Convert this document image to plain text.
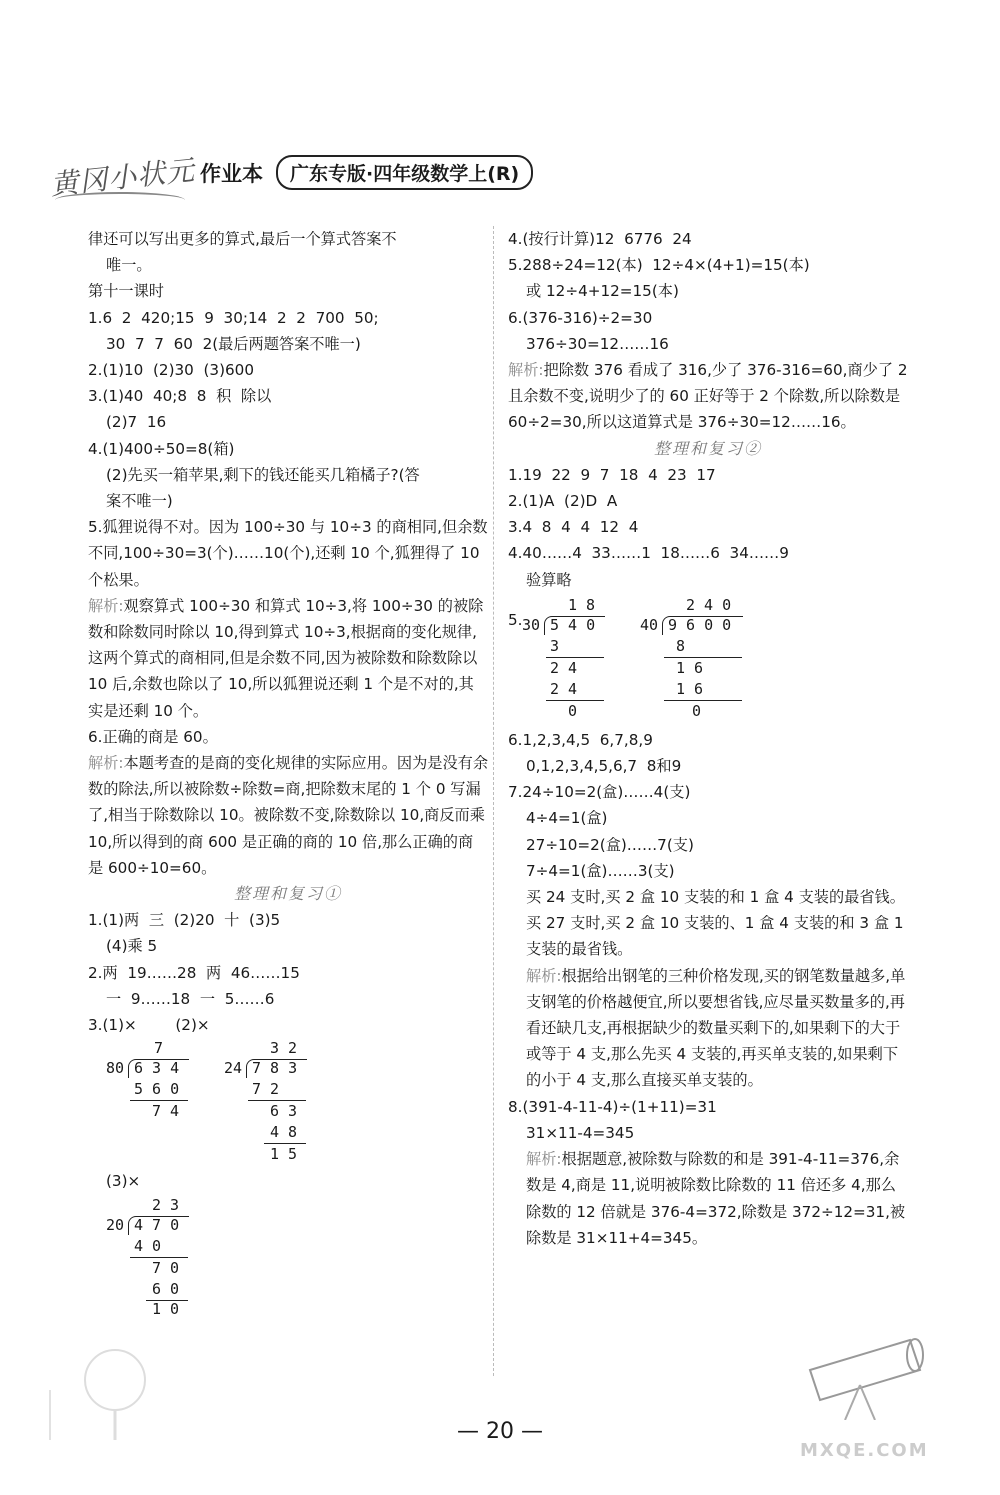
黄冈小状元 作业本	广东专版·四年级数学上(R)
律还可以写出更多的算式,最后一个算式答案不
唯一。
第十一课时
1.6  2  420;15  9  30;14  2  2  700  50;
30  7  7  60  2(最后两题答案不唯一)
2.(1)10  (2)30  (3)600
3.(1)40  40;8  8  积  除以
(2)7  16
4.(1)400÷50=8(箱)
(2)先买一箱苹果,剩下的钱还能买几箱橘子?(答
案不唯一)
5.狐狸说得不对。因为 100÷30 与 10÷3 的商相同,但余数不同,100÷30=3(个)……10(个),还剩 10 个,狐狸得了 10 个松果。
解析:观察算式 100÷30 和算式 10÷3,将 100÷30 的被除数和除数同时除以 10,得到算式 10÷3,根据商的变化规律,这两个算式的商相同,但是余数不同,因为被除数和除数除以 10 后,余数也除以了 10,所以狐狸说还剩 1 个是不对的,其实是还剩 10 个。
6.正确的商是 60。
解析:本题考查的是商的变化规律的实际应用。因为是没有余数的除法,所以被除数÷除数=商,把除数末尾的 1 个 0 写漏了,相当于除数除以 10。被除数不变,除数除以 10,商反而乘 10,所以得到的商 600 是正确的商的 10 倍,那么正确的商是 600÷10=60。
整理和复习①
1.(1)两  三  (2)20  十  (3)5
(4)乘 5
2.两  19……28  两  46……15
一  9……18  一  5……6
3.(1)×        (2)×
7
80 6 3 4
5 6 0
7 4
3 2
24 7 8 3
7 2
6 3
4 8
1 5
(3)×
2 3
20 4 7 0
4 0
7 0
6 0
1 0
4.(按行计算)12  6776  24
5.288÷24=12(本)  12÷4×(4+1)=15(本)
或 12÷4+12=15(本)
6.(376-316)÷2=30
376÷30=12……16
解析:把除数 376 看成了 316,少了 376-316=60,商少了 2 且余数不变,说明少了的 60 正好等于 2 个除数,所以除数是 60÷2=30,所以这道算式是 376÷30=12……16。
整理和复习②
1.19  22  9  7  18  4  23  17
2.(1)A  (2)D  A
3.4  8  4  4  12  4
4.40……4  33……1  18……6  34……9
验算略
5.
1 8
30 5 4 0
3
2 4
2 4
0
2 4 0
40 9 6 0 0
8
1 6
1 6
0
6.1,2,3,4,5  6,7,8,9
0,1,2,3,4,5,6,7  8和9
7.24÷10=2(盒)……4(支)
4÷4=1(盒)
27÷10=2(盒)……7(支)
7÷4=1(盒)……3(支)
买 24 支时,买 2 盒 10 支装的和 1 盒 4 支装的最省钱。
买 27 支时,买 2 盒 10 支装的、1 盒 4 支装的和 3 盒 1 支装的最省钱。
解析:根据给出钢笔的三种价格发现,买的钢笔数量越多,单支钢笔的价格越便宜,所以要想省钱,应尽量买数量多的,再看还缺几支,再根据缺少的数量买剩下的,如果剩下的大于或等于 4 支,那么先买 4 支装的,再买单支装的,如果剩下的小于 4 支,那么直接买单支装的。
8.(391-4-11-4)÷(1+11)=31
31×11-4=345
解析:根据题意,被除数与除数的和是 391-4-11=376,余数是 4,商是 11,说明被除数比除数的 11 倍还多 4,那么除数的 12 倍就是 376-4=372,除数是 372÷12=31,被除数是 31×11+4=345。
— 20 —
MXQE.COM
